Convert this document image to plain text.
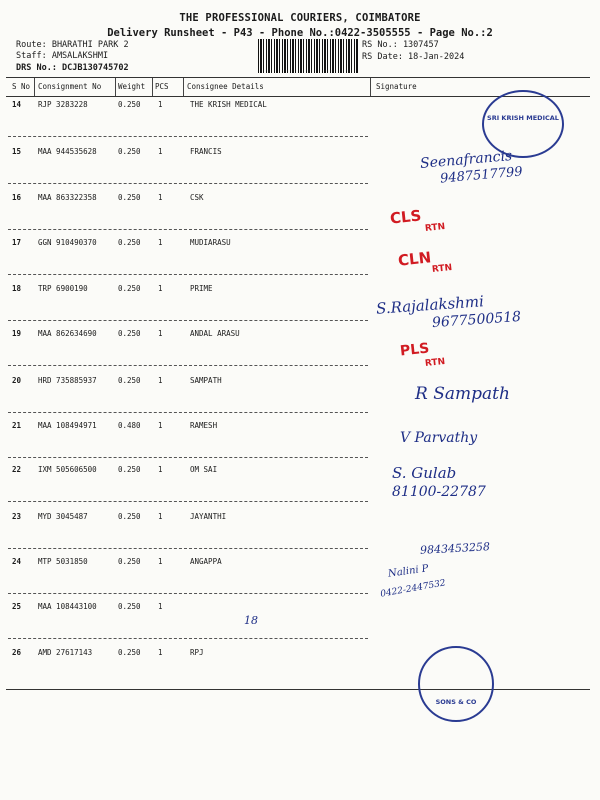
THE PROFESSIONAL COURIERS, COIMBATORE
Delivery Runsheet - P43 - Phone No.:0422-3505555 - Page No.:2
Route: BHARATHI PARK 2
Staff: AMSALAKSHMI
DRS No.: DCJB130745702
RS No.: 1307457
RS Date: 18-Jan-2024
S No Consignment No Weight PCS Consignee Details	Signature
14 RJP 3283228	0.250 1	THE KRISH MEDICAL
15 MAA 944535628	0.250 1	FRANCIS
16 MAA 863322358	0.250 1	CSK
17 GGN 910490370	0.250 1	MUDIARASU
18 TRP 6900190	0.250 1	PRIME
19 MAA 862634690	0.250 1	ANDAL ARASU
20 HRD 735885937	0.250 1	SAMPATH
21 MAA 108494971	0.480 1	RAMESH
22 IXM 505606500	0.250 1	OM SAI
23 MYD 3045487	0.250 1	JAYANTHI
24 MTP 5031850	0.250 1	ANGAPPA
25 MAA 108443100	0.250 1
26 AMD 27617143	0.250 1	RPJ
SRI KRISH MEDICAL
Seenafrancis
9487517799
CLS
RTN
CLN RTN
S.Rajalakshmi
9677500518
PLS
RTN
R Sampath
V Parvathy
S. Gulab
81100-22787
9843453258
Nalini P
0422-2447532
18
SONS & CO
